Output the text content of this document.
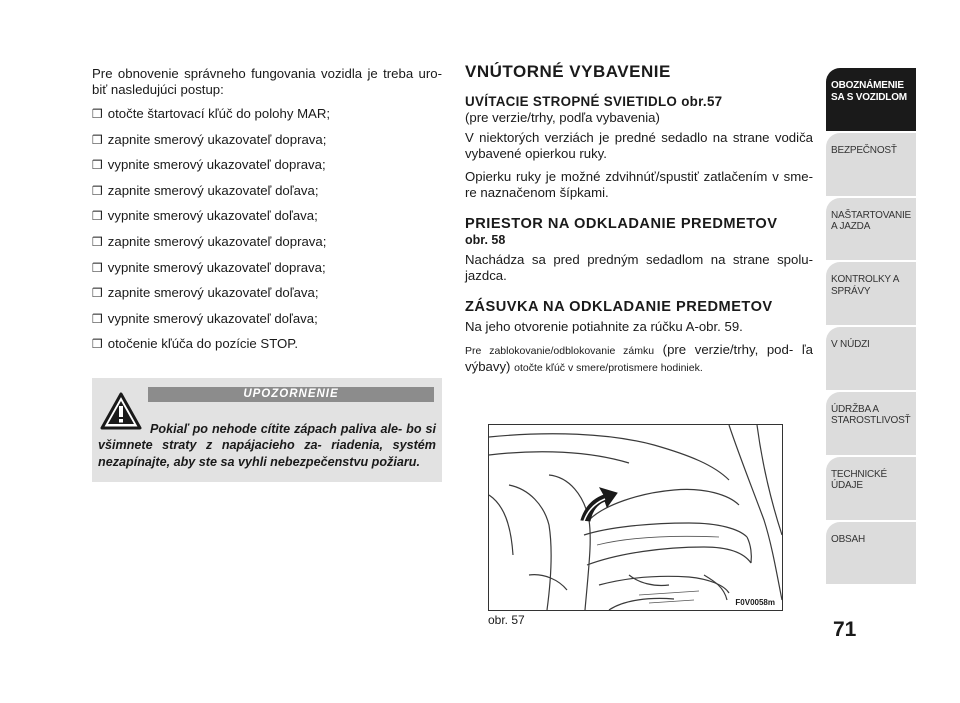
Pre obnovenie správneho fungovania vozidla je treba uro- biť nasledujúci postup:

❒ otočte štartovací kľúč do polohy MAR;
❒ zapnite smerový ukazovateľ doprava;
❒ vypnite smerový ukazovateľ doprava;
❒ zapnite smerový ukazovateľ doľava;
❒ vypnite smerový ukazovateľ doľava;
❒ zapnite smerový ukazovateľ doprava;
❒ vypnite smerový ukazovateľ doprava;
❒ zapnite smerový ukazovateľ doľava;
❒ vypnite smerový ukazovateľ doľava;
❒ otočenie kľúča do pozície STOP.
UPOZORNENIE

Pokiaľ po nehode cítite zápach paliva ale- bo si všimnete straty z napájacieho za- riadenia, systém nezapínajte, aby ste sa vyhli nebezpečenstvu požiaru.

VNÚTORNÉ VYBAVENIE

UVÍTACIE STROPNÉ SVIETIDLO obr.57

(pre verzie/trhy, podľa vybavenia)

V niektorých verziách je predné sedadlo na strane vodiča vybavené opierkou ruky.

Opierku ruky je možné zdvihnúť/spustiť zatlačením v sme- re naznačenom šípkami.

PRIESTOR NA ODKLADANIE PREDMETOV

obr. 58

Nachádza sa pred predným sedadlom na strane spolu- jazdca.

ZÁSUVKA NA ODKLADANIE PREDMETOV

Na jeho otvorenie potiahnite za rúčku A-obr. 59.

Pre zablokovanie/odblokovanie zámku (pre verzie/trhy, pod- ľa výbavy) otočte kľúč v smere/protismere hodiniek.

F0V0058m
obr. 57
OBOZNÁMENIE SA S VOZIDLOM
BEZPEČNOSŤ
NAŠTARTOVANIE A JAZDA
KONTROLKY A SPRÁVY
V NÚDZI
ÚDRŽBA A STAROSTLIVOSŤ
TECHNICKÉ ÚDAJE
OBSAH
71
